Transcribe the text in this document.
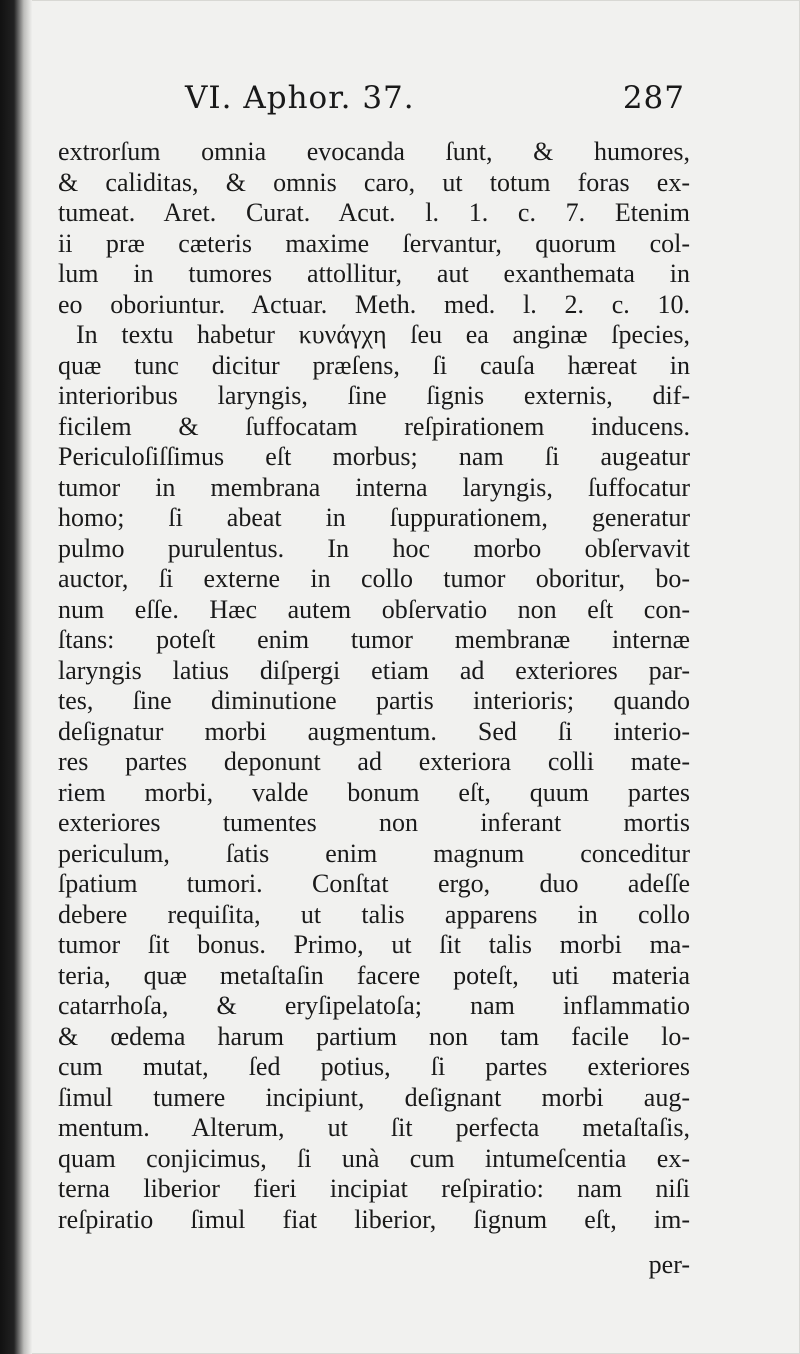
VI. Aphor. 37.	287
extrorſum omnia evocanda ſunt, & humores,
& caliditas, & omnis caro, ut totum foras ex-
tumeat. Aret. Curat. Acut. l. 1. c. 7. Etenim
ii præ cæteris maxime ſervantur, quorum col-
lum in tumores attollitur, aut exanthemata in
eo oboriuntur. Actuar. Meth. med. l. 2. c. 10.
In textu habetur κυνάγχη ſeu ea anginæ ſpecies,
quæ tunc dicitur præſens, ſi cauſa hæreat in
interioribus laryngis, ſine ſignis externis, dif-
ficilem & ſuffocatam reſpirationem inducens.
Periculoſiſſimus eſt morbus; nam ſi augeatur
tumor in membrana interna laryngis, ſuffocatur
homo; ſi abeat in ſuppurationem, generatur
pulmo purulentus. In hoc morbo obſervavit
auctor, ſi externe in collo tumor oboritur, bo-
num eſſe. Hæc autem obſervatio non eſt con-
ſtans: poteſt enim tumor membranæ internæ
laryngis latius diſpergi etiam ad exteriores par-
tes, ſine diminutione partis interioris; quando
deſignatur morbi augmentum. Sed ſi interio-
res partes deponunt ad exteriora colli mate-
riem morbi, valde bonum eſt, quum partes
exteriores tumentes non inferant mortis
periculum, ſatis enim magnum conceditur
ſpatium tumori. Conſtat ergo, duo adeſſe
debere requiſita, ut talis apparens in collo
tumor ſit bonus. Primo, ut ſit talis morbi ma-
teria, quæ metaſtaſin facere poteſt, uti materia
catarrhoſa, & eryſipelatoſa; nam inflammatio
& œdema harum partium non tam facile lo-
cum mutat, ſed potius, ſi partes exteriores
ſimul tumere incipiunt, deſignant morbi aug-
mentum. Alterum, ut ſit perfecta metaſtaſis,
quam conjicimus, ſi unà cum intumeſcentia ex-
terna liberior fieri incipiat reſpiratio: nam niſi
reſpiratio ſimul fiat liberior, ſignum eſt, im-
per-
